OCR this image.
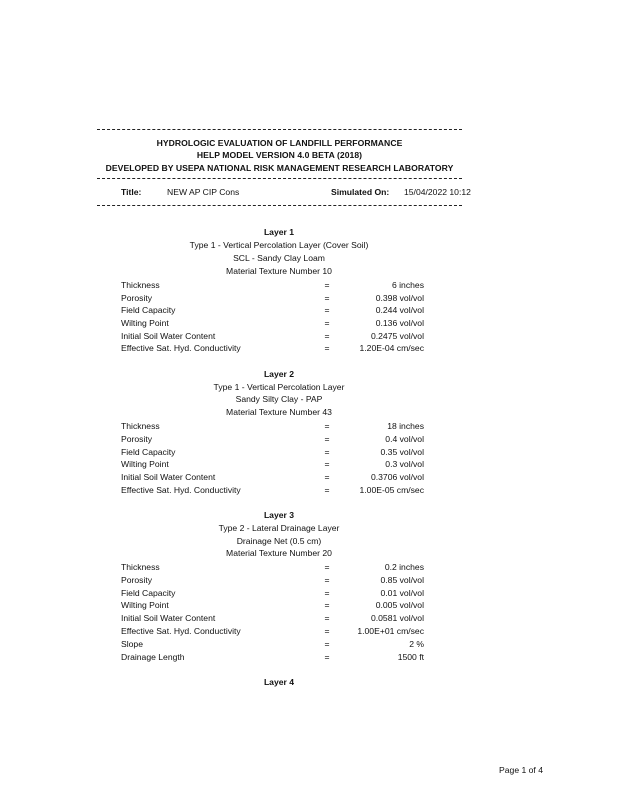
HYDROLOGIC EVALUATION OF LANDFILL PERFORMANCE
HELP MODEL VERSION 4.0 BETA (2018)
DEVELOPED BY USEPA NATIONAL RISK MANAGEMENT RESEARCH LABORATORY
Title:	NEW AP CIP Cons	Simulated On: 15/04/2022 10:12
Layer 1
Type 1 - Vertical Percolation Layer (Cover Soil)
SCL - Sandy Clay Loam
Material Texture Number 10
Thickness	=	6 inches
Porosity	=	0.398 vol/vol
Field Capacity	=	0.244 vol/vol
Wilting Point	=	0.136 vol/vol
Initial Soil Water Content	=	0.2475 vol/vol
Effective Sat. Hyd. Conductivity	=	1.20E-04 cm/sec
Layer 2
Type 1 - Vertical Percolation Layer
Sandy Silty Clay - PAP
Material Texture Number 43
Thickness	=	18 inches
Porosity	=	0.4 vol/vol
Field Capacity	=	0.35 vol/vol
Wilting Point	=	0.3 vol/vol
Initial Soil Water Content	=	0.3706 vol/vol
Effective Sat. Hyd. Conductivity	=	1.00E-05 cm/sec
Layer 3
Type 2 - Lateral Drainage Layer
Drainage Net (0.5 cm)
Material Texture Number 20
Thickness	=	0.2 inches
Porosity	=	0.85 vol/vol
Field Capacity	=	0.01 vol/vol
Wilting Point	=	0.005 vol/vol
Initial Soil Water Content	=	0.0581 vol/vol
Effective Sat. Hyd. Conductivity	=	1.00E+01 cm/sec
Slope	=	2 %
Drainage Length	=	1500 ft
Layer 4
Page 1 of 4
